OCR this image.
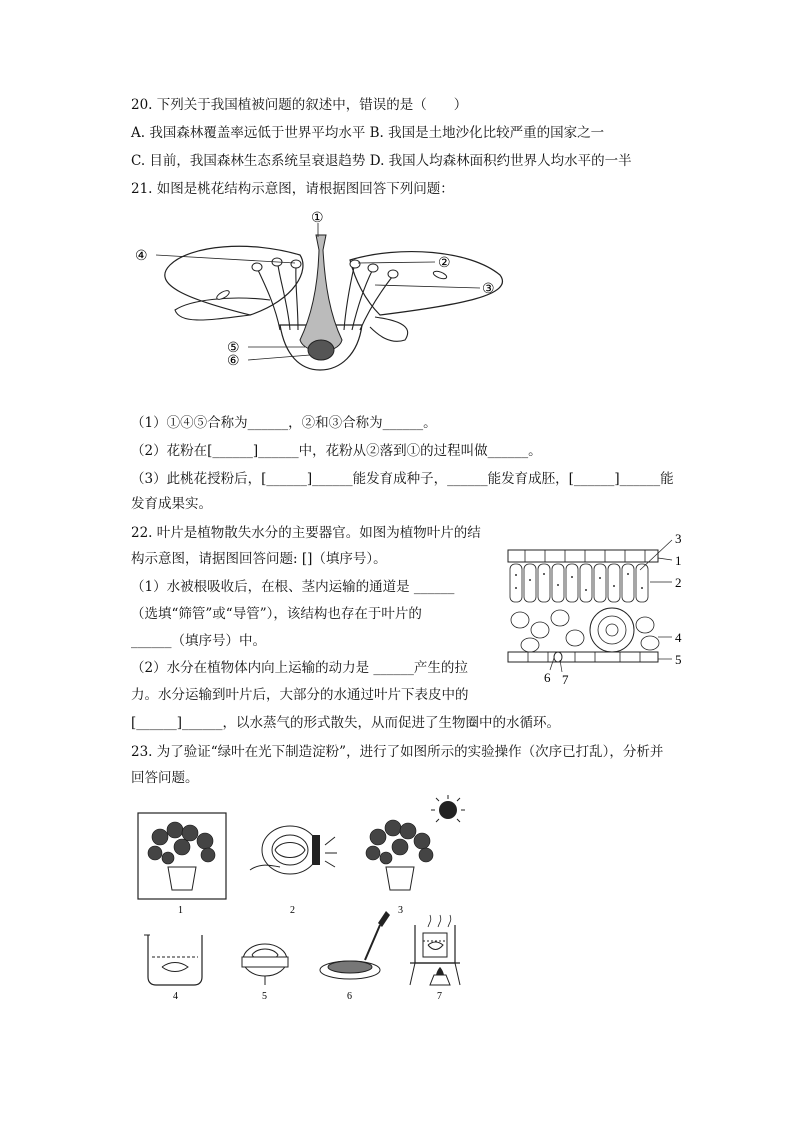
20. 下列关于我国植被问题的叙述中，错误的是（　　）
A. 我国森林覆盖率远低于世界平均水平 B. 我国是土地沙化比较严重的国家之一
C. 目前，我国森林生态系统呈衰退趋势 D. 我国人均森林面积约世界人均水平的一半
21. 如图是桃花结构示意图，请根据图回答下列问题：
①
④	②
③
⑤
⑥
（1）①④⑤合称为______，②和③合称为______。
（2）花粉在[______]______中，花粉从②落到①的过程叫做______。
（3）此桃花授粉后，[______]______能发育成种子，______能发育成胚，[______]______能
发育成果实。
22. 叶片是植物散失水分的主要器官。如图为植物叶片的结
构示意图，请据图回答问题: []（填序号）。
（1）水被根吸收后，在根、茎内运输的通道是 ______
（选填“筛管”或“导管”），该结构也存在于叶片的
______（填序号）中。
（2）水分在植物体内向上运输的动力是 ______产生的拉
力。水分运输到叶片后，大部分的水通过叶片下表皮中的
[______]______，以水蒸气的形式散失，从而促进了生物圈中的水循环。
3
1
2
4
5
6 7
23. 为了验证“绿叶在光下制造淀粉”，进行了如图所示的实验操作（次序已打乱），分析并
回答问题。
1	2	3
4	5	6	7
